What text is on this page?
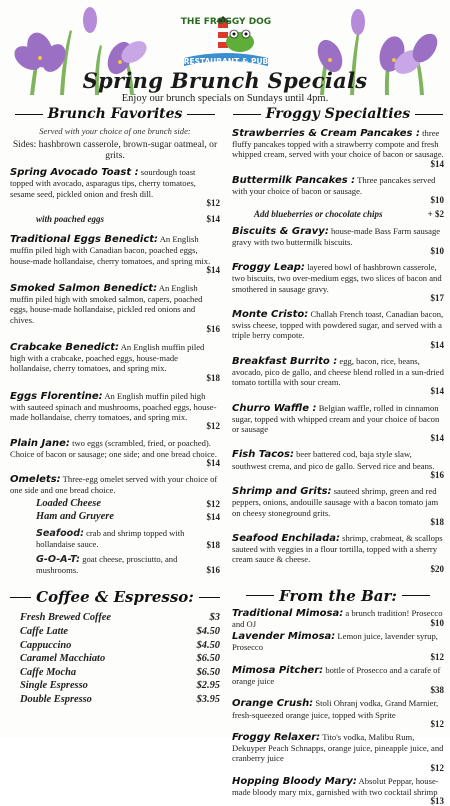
THE FROGGY DOG
RESTAURANT & PUB
Spring Brunch Specials
Enjoy our brunch specials on Sundays until 4pm.
Brunch Favorites
Served with your choice of one brunch side:
Sides: hashbrown casserole, brown-sugar oatmeal, or grits.
Spring Avocado Toast : sourdough toast topped with avocado, asparagus tips, cherry tomatoes, sesame seed, pickled onion and fresh dill.
$12
with poached eggs	$14
Traditional Eggs Benedict: An English muffin piled high with Canadian bacon, poached eggs, house-made hollandaise, cherry tomatoes, and spring mix.
$14
Smoked Salmon Benedict: An English muffin piled high with smoked salmon, capers, poached eggs, house-made hollandaise, pickled red onions and chives.
$16
Crabcake Benedict: An English muffin piled high with a crabcake, poached eggs, house-made hollandaise, cherry tomatoes, and spring mix.
$18
Eggs Florentine: An English muffin piled high with sauteed spinach and mushrooms, poached eggs, house-made hollandaise, cherry tomatoes, and spring mix.
$12
Plain Jane: two eggs (scrambled, fried, or poached). Choice of bacon or sausage; one side; and one bread choice.
$14
Omelets: Three-egg omelet served with your choice of one side and one bread choice.
Loaded Cheese	$12
Ham and Gruyere	$14
Seafood: crab and shrimp topped with hollandaise sauce.	$18
G-O-A-T: goat cheese, prosciutto, and mushrooms.	$16
Coffee & Espresso:
Fresh Brewed Coffee	$3
Caffe Latte	$4.50
Cappuccino	$4.50
Caramel Macchiato	$6.50
Caffe Mocha	$6.50
Single Espresso	$2.95
Double Espresso	$3.95
Froggy Specialties
Strawberries & Cream Pancakes : three fluffy pancakes topped with a strawberry compote and fresh whipped cream, served with your choice of bacon or sausage.
$14
Buttermilk Pancakes : Three pancakes served with your choice of bacon or sausage.
$10
Add blueberries or chocolate chips	+ $2
Biscuits & Gravy: house-made Bass Farm sausage gravy with two buttermilk biscuits.
$10
Froggy Leap: layered bowl of hashbrown casserole, two biscuits, two over-medium eggs, two slices of bacon and smothered in sausage gravy.
$17
Monte Cristo: Challah French toast, Canadian bacon, swiss cheese, topped with powdered sugar, and served with a triple berry compote.
$14
Breakfast Burrito : egg, bacon, rice, beans, avocado, pico de gallo, and cheese blend rolled in a sun-dried tomato tortilla with sour cream.
$14
Churro Waffle : Belgian waffle, rolled in cinnamon sugar, topped with whipped cream and your choice of bacon or sausage
$14
Fish Tacos: beer battered cod, baja style slaw, southwest crema, and pico de gallo. Served rice and beans.
$16
Shrimp and Grits: sauteed shrimp, green and red peppers, onions, andouille sausage with a bacon tomato jam on cheesy stoneground grits.
$18
Seafood Enchilada: shrimp, crabmeat, & scallops sauteed with veggies in a flour tortilla, topped with a sherry cream sauce & cheese.
$20
From the Bar:
Traditional Mimosa: a brunch tradition! Prosecco and OJ	$10
Lavender Mimosa: Lemon juice, lavender syrup, Prosecco
$12
Mimosa Pitcher: bottle of Prosecco and a carafe of orange juice
$38
Orange Crush: Stoli Ohranj vodka, Grand Marnier, fresh-squeezed orange juice, topped with Sprite
$12
Froggy Relaxer: Tito's vodka, Malibu Rum, Dekuyper Peach Schnapps, orange juice, pineapple juice, and cranberry juice
$12
Hopping Bloody Mary: Absolut Peppar, house-made bloody mary mix, garnished with two cocktail shrimp
$13
